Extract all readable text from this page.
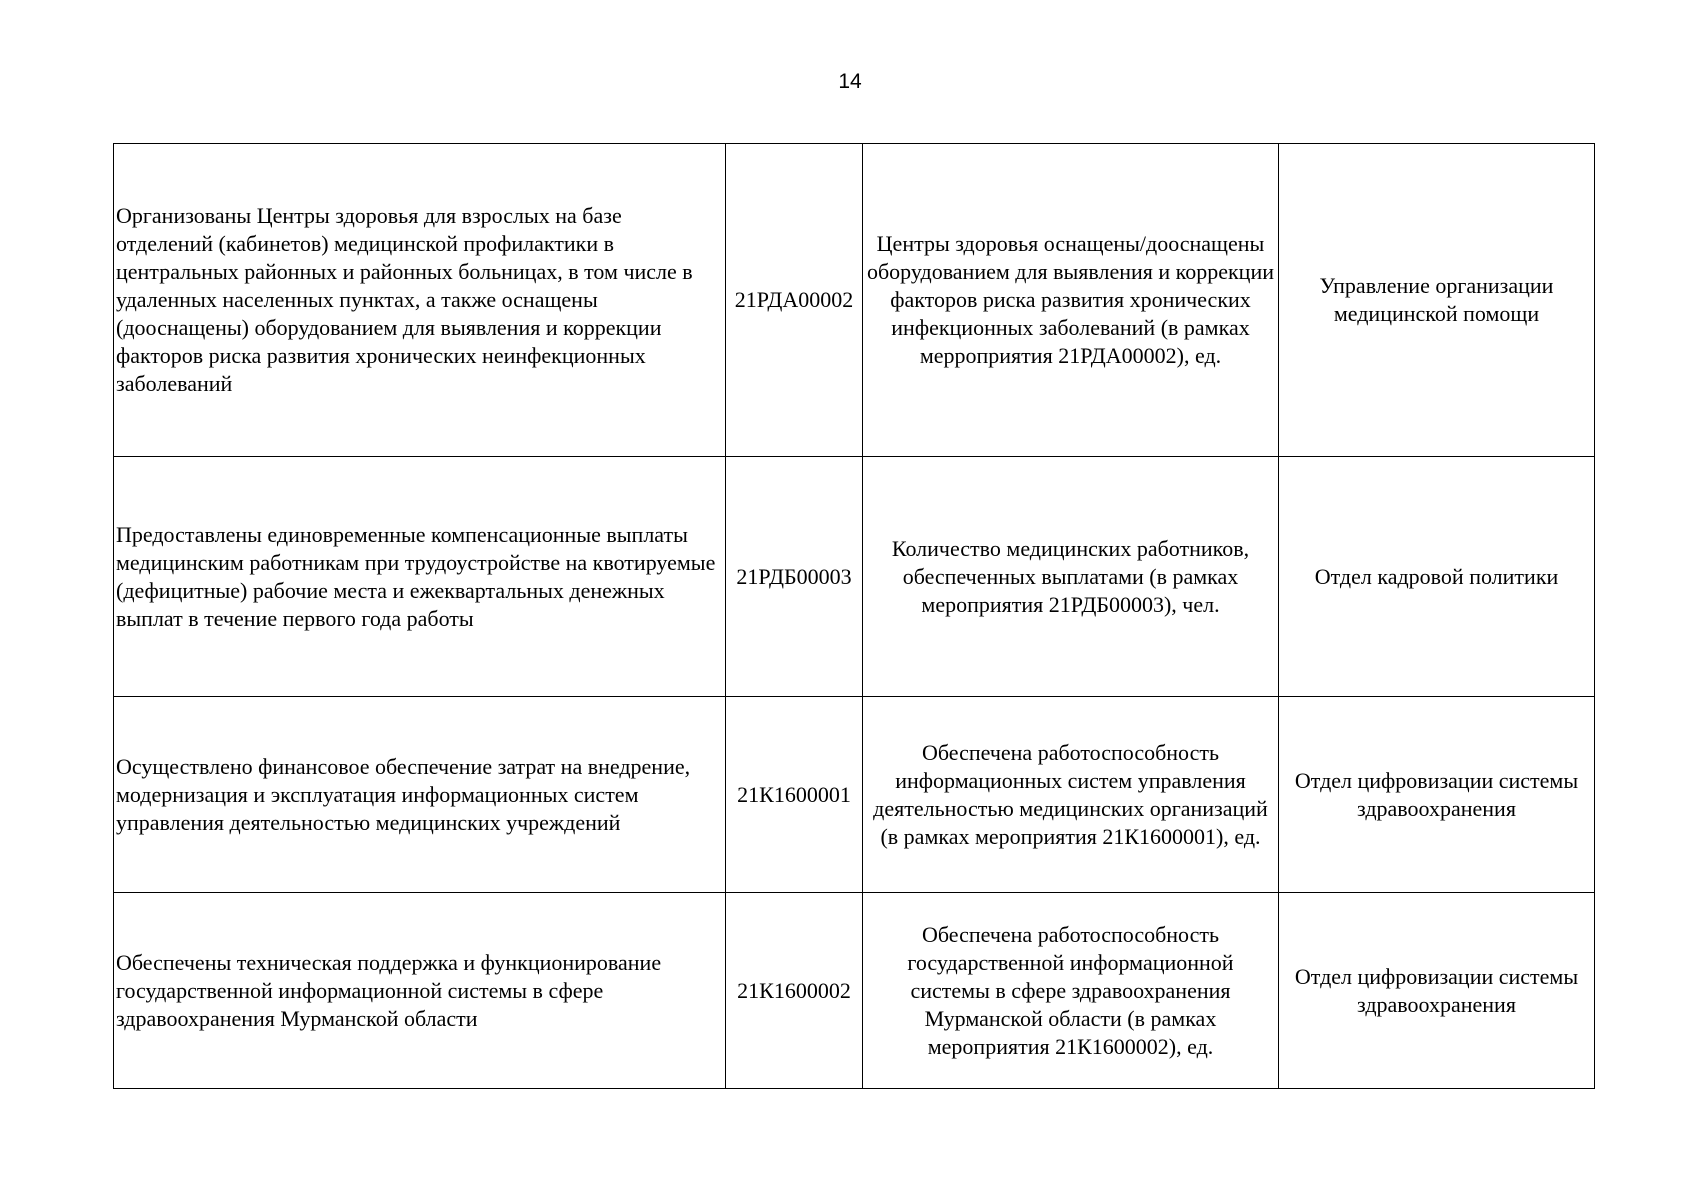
14
Организованы Центры здоровья для взрослых на базе отделений (кабинетов) медицинской профилактики в центральных районных и районных больницах, в том числе в удаленных населенных пунктах, а также оснащены (дооснащены) оборудованием для выявления и коррекции факторов риска развития хронических неинфекционных заболеваний	21РДА00002	Центры здоровья оснащены/дооснащены оборудованием для выявления и коррекции факторов риска развития хронических инфекционных заболеваний (в рамках мерроприятия 21РДА00002), ед.	Управление организации медицинской помощи
Предоставлены единовременные компенсационные выплаты медицинским работникам при трудоустройстве на квотируемые (дефицитные) рабочие места и ежеквартальных денежных выплат в течение первого года работы	21РДБ00003	Количество медицинских работников, обеспеченных выплатами (в рамках мероприятия 21РДБ00003), чел.	Отдел кадровой политики
Осуществлено финансовое обеспечение затрат на внедрение, модернизация и эксплуатация информационных систем управления деятельностью медицинских учреждений	21К1600001	Обеспечена работоспособность информационных систем управления деятельностью медицинских организаций (в рамках мероприятия 21К1600001), ед.	Отдел цифровизации системы здравоохранения
Обеспечены техническая поддержка и функционирование государственной информационной системы в сфере здравоохранения Мурманской области	21К1600002	Обеспечена работоспособность государственной информационной системы в сфере здравоохранения Мурманской области (в рамках мероприятия 21К1600002), ед.	Отдел цифровизации системы здравоохранения
